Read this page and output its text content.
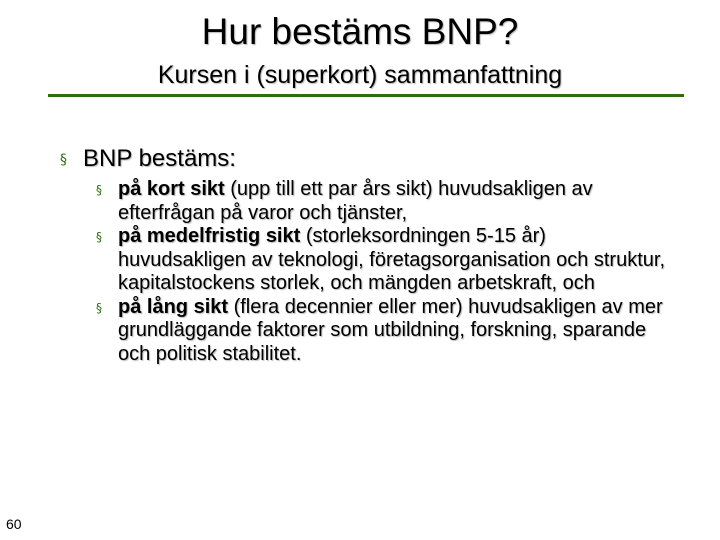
Hur bestäms BNP?
Kursen i (superkort) sammanfattning
§ BNP bestäms:

§ på kort sikt (upp till ett par års sikt) huvudsakligen av efterfrågan på varor och tjänster,

§ på medelfristig sikt (storleksordningen 5-15 år) huvudsakligen av teknologi, företagsorganisation och struktur, kapitalstockens storlek, och mängden arbetskraft, och

§ på lång sikt (flera decennier eller mer) huvudsakligen av mer grundläggande faktorer som utbildning, forskning, sparande och politisk stabilitet.

60
